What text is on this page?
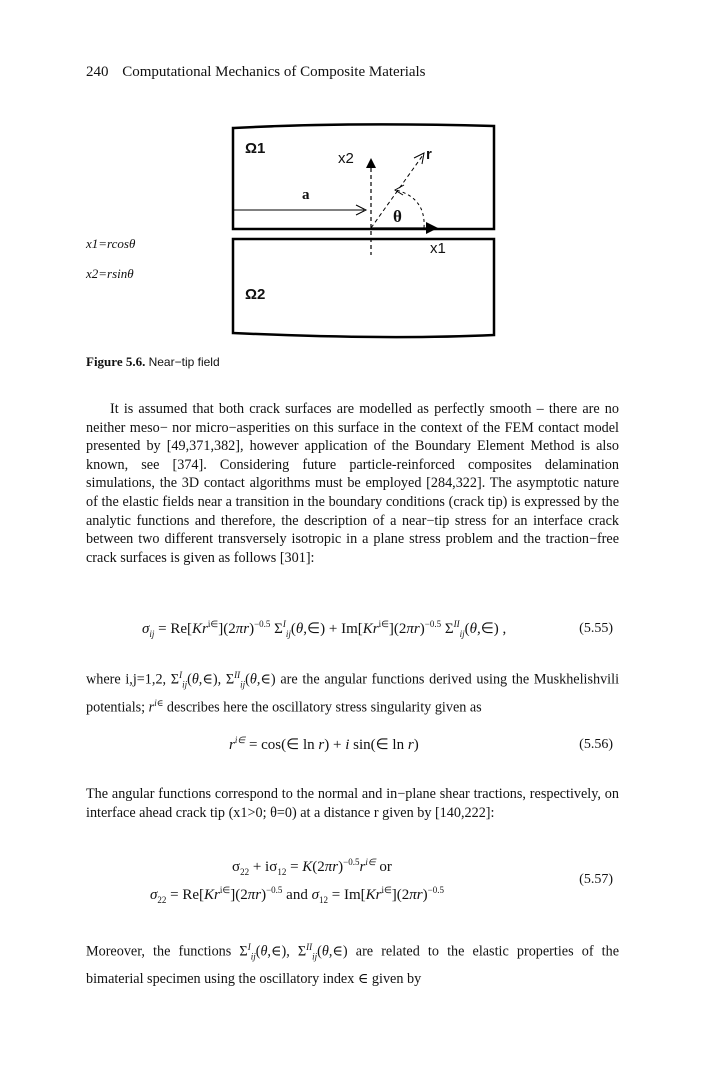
240 Computational Mechanics of Composite Materials
Ω1
Ω2
x2
x1
r
a
θ
x1=rcosθ
x2=rsinθ
Figure 5.6. Near−tip field
It is assumed that both crack surfaces are modelled as perfectly smooth – there are no neither meso− nor micro−asperities on this surface in the context of the FEM contact model presented by [49,371,382], however application of the Boundary Element Method is also known, see [374]. Considering future particle-reinforced composites delamination simulations, the 3D contact algorithms must be employed [284,322]. The asymptotic nature of the elastic fields near a transition in the boundary conditions (crack tip) is expressed by the analytic functions and therefore, the description of a near−tip stress for an interface crack between two different transversely isotropic in a plane stress problem and the traction−free crack surfaces is given as follows [301]:
$\sigma_{ij} = Re[Kr^{i\in}](2\pi r)^{-0.5}$ $\Sigma^I_{ij}(\theta,\in) + Im[Kr^{i\in}](2\pi r)^{-0.5}$ $\Sigma^{II}_{ij}(\theta,\in)$ ,	(5.55)
where i,j=1,2, $\Sigma^I_{ij}(\theta,\in)$, $\Sigma^{II}_{ij}(\theta,\in)$ are the angular functions derived using the Muskhelishvili potentials; $r^{i\in}$ describes here the oscillatory stress singularity given as
$r^{i\in}$ = cos(∈ ln r) + i sin(∈ ln r)	(5.56)
The angular functions correspond to the normal and in−plane shear tractions, respectively, on interface ahead crack tip (x1>0; θ=0) at a distance r given by [140,222]:
$\sigma_{22} + i\sigma_{12} = K(2\pi r)^{-0.5}r^{i\in}$ or
$\sigma_{22} = Re[Kr^{i\in}](2\pi r)^{-0.5}$ and $\sigma_{12} = Im[Kr^{i\in}](2\pi r)^{-0.5}$
(5.57)
Moreover, the functions $\Sigma^I_{ij}(\theta,\in)$, $\Sigma^{II}_{ij}(\theta,\in)$ are related to the elastic properties of the bimaterial specimen using the oscillatory index ∈ given by
